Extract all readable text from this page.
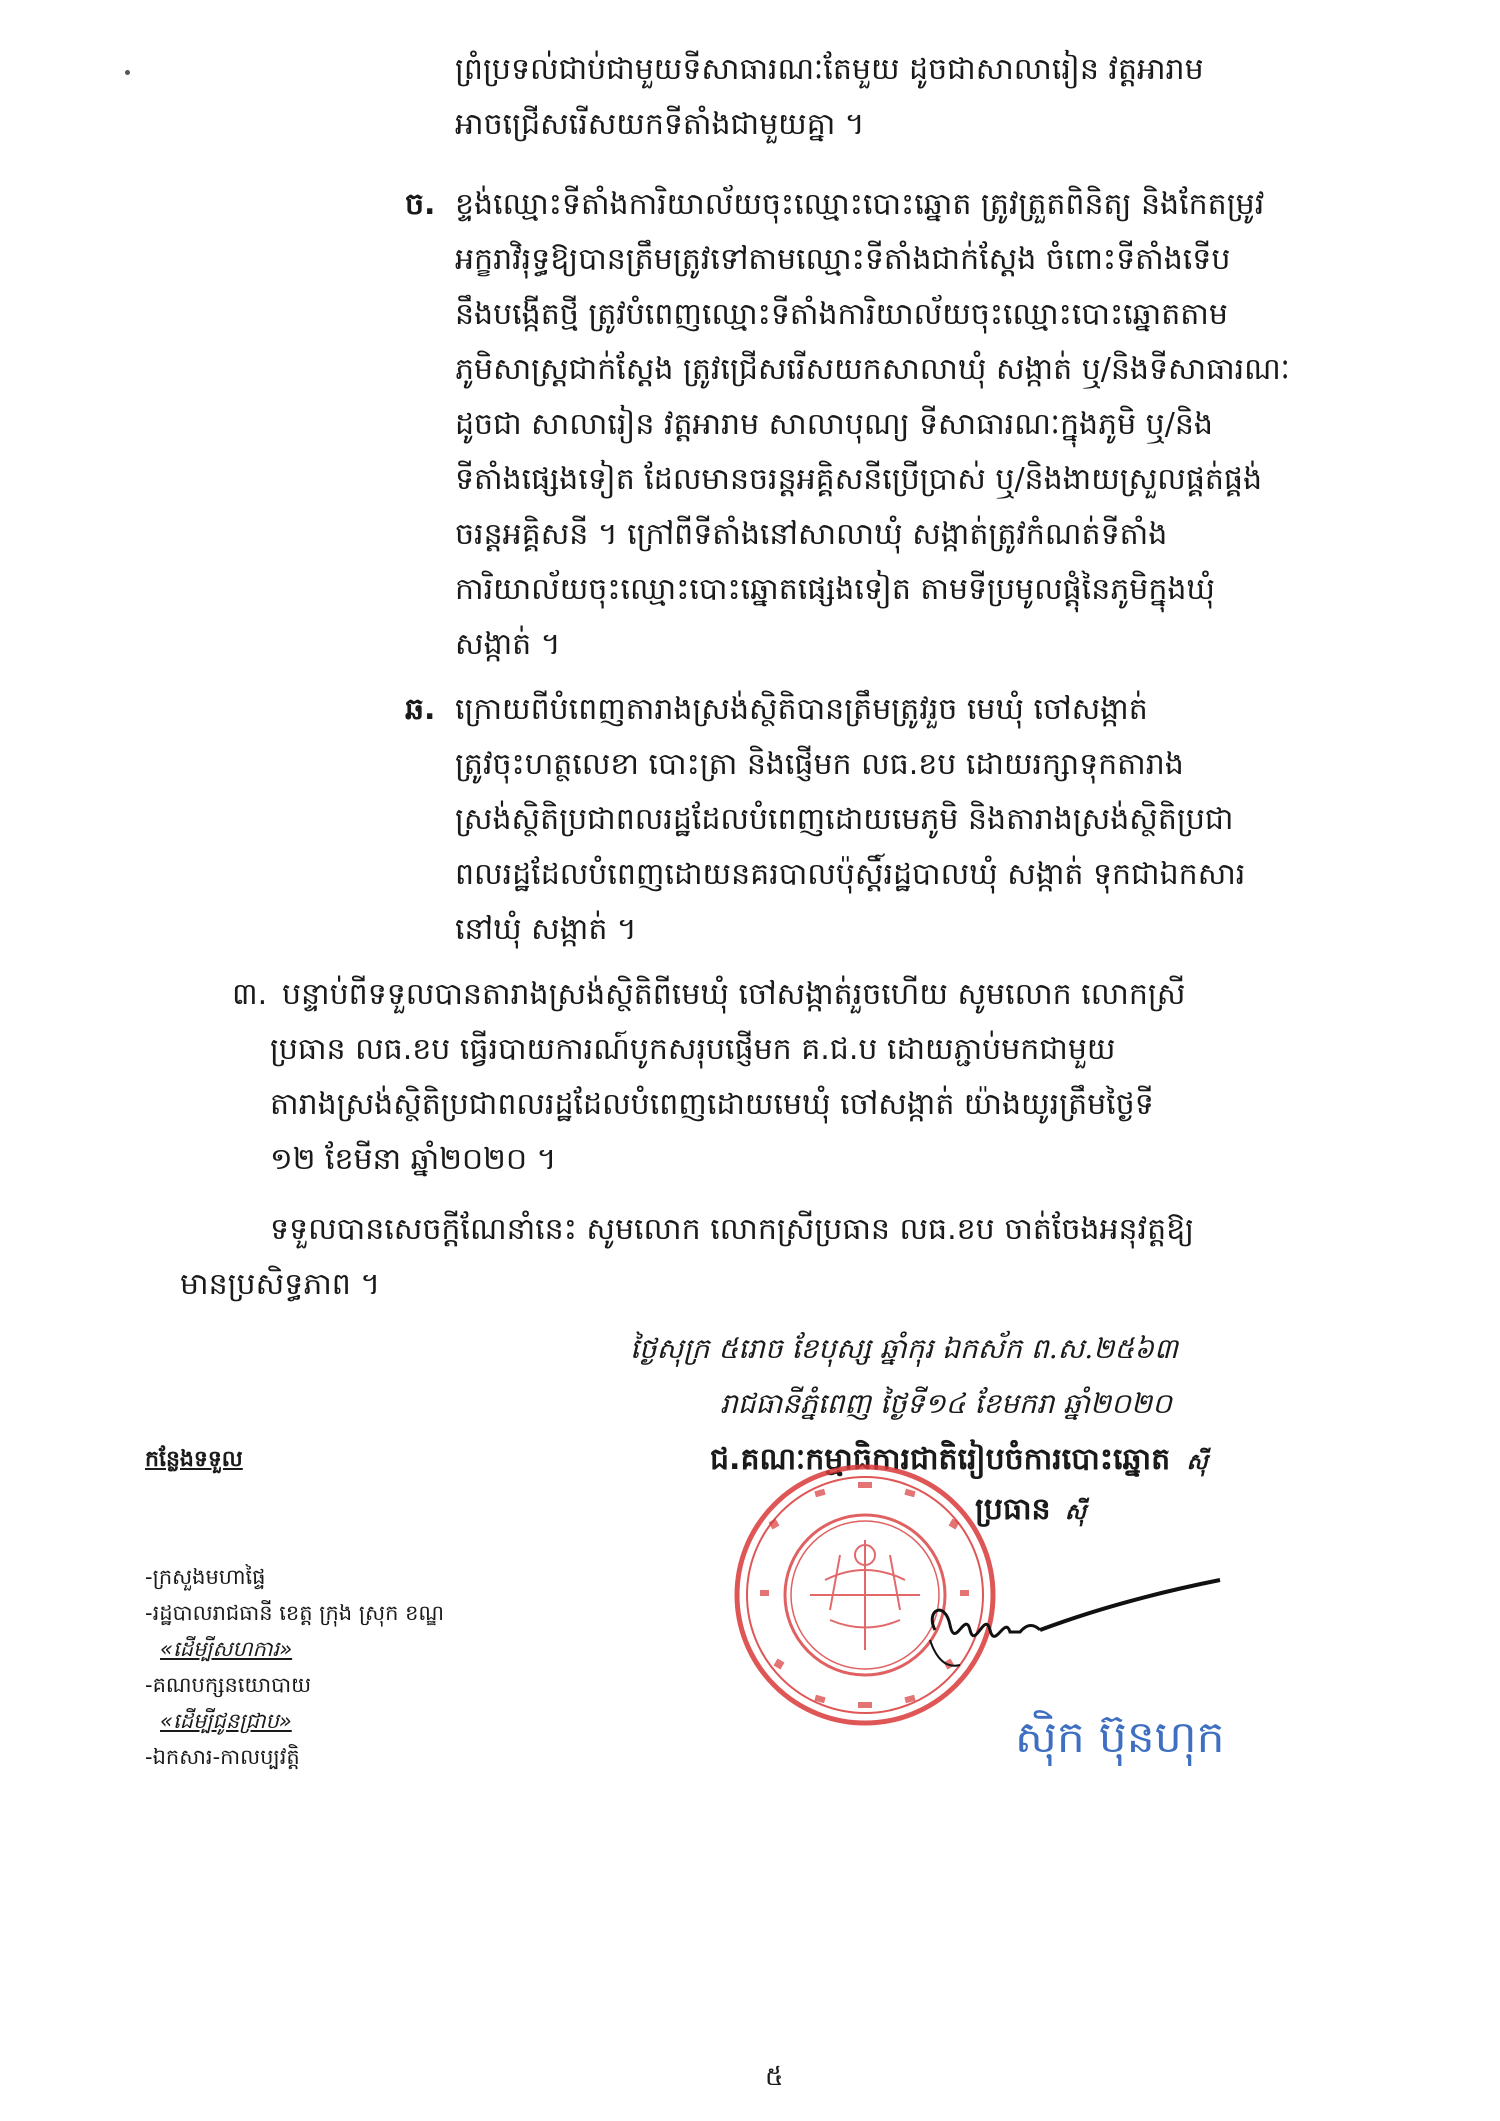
ព្រំប្រទល់ជាប់ជាមួយទីសាធារណៈតែមួយ ដូចជាសាលារៀន វត្តអារាម
អាចជ្រើសរើសយកទីតាំងជាមួយគ្នា ។
ច. ខ្ទង់ឈ្មោះទីតាំងការិយាល័យចុះឈ្មោះបោះឆ្នោត ត្រូវត្រួតពិនិត្យ និងកែតម្រូវ
អក្ខរាវិរុទ្ធឱ្យបានត្រឹមត្រូវទៅតាមឈ្មោះទីតាំងជាក់ស្ដែង ចំពោះទីតាំងទើប
នឹងបង្កើតថ្មី ត្រូវបំពេញឈ្មោះទីតាំងការិយាល័យចុះឈ្មោះបោះឆ្នោតតាម
ភូមិសាស្ត្រជាក់ស្ដែង ត្រូវជ្រើសរើសយកសាលាឃុំ សង្កាត់ ឬ/និងទីសាធារណៈ
ដូចជា សាលារៀន វត្តអារាម សាលាបុណ្យ ទីសាធារណៈក្នុងភូមិ ឬ/និង
ទីតាំងផ្សេងទៀត ដែលមានចរន្តអគ្គិសនីប្រើប្រាស់ ឬ/និងងាយស្រួលផ្គត់ផ្គង់
ចរន្តអគ្គិសនី ។ ក្រៅពីទីតាំងនៅសាលាឃុំ សង្កាត់ត្រូវកំណត់ទីតាំង
ការិយាល័យចុះឈ្មោះបោះឆ្នោតផ្សេងទៀត តាមទីប្រមូលផ្ដុំនៃភូមិក្នុងឃុំ
សង្កាត់ ។
ឆ. ក្រោយពីបំពេញតារាងស្រង់ស្ថិតិបានត្រឹមត្រូវរួច មេឃុំ ចៅសង្កាត់
ត្រូវចុះហត្ថលេខា បោះត្រា និងផ្ញើមក លធ.ខប ដោយរក្សាទុកតារាង
ស្រង់ស្ថិតិប្រជាពលរដ្ឋដែលបំពេញដោយមេភូមិ និងតារាងស្រង់ស្ថិតិប្រជា
ពលរដ្ឋដែលបំពេញដោយនគរបាលប៉ុស្តិ៍រដ្ឋបាលឃុំ សង្កាត់ ទុកជាឯកសារ
នៅឃុំ សង្កាត់ ។
៣. បន្ទាប់ពីទទួលបានតារាងស្រង់ស្ថិតិពីមេឃុំ ចៅសង្កាត់រួចហើយ សូមលោក លោកស្រី
ប្រធាន លធ.ខប ធ្វើរបាយការណ៍បូកសរុបផ្ញើមក គ.ជ.ប ដោយភ្ជាប់មកជាមួយ
តារាងស្រង់ស្ថិតិប្រជាពលរដ្ឋដែលបំពេញដោយមេឃុំ ចៅសង្កាត់ យ៉ាងយូរត្រឹមថ្ងៃទី
១២ ខែមីនា ឆ្នាំ២០២០ ។
ទទួលបានសេចក្ដីណែនាំនេះ សូមលោក លោកស្រីប្រធាន លធ.ខប ចាត់ចែងអនុវត្តឱ្យ
មានប្រសិទ្ធភាព ។
ថ្ងៃសុក្រ ៥រោច ខែបុស្ស ឆ្នាំកុរ ឯកស័ក ព.ស.២៥៦៣
រាជធានីភ្នំពេញ ថ្ងៃទី១៤ ខែមករា ឆ្នាំ២០២០
ជ.គណៈកម្មាធិការជាតិរៀបចំការបោះឆ្នោត ស៊ី
ប្រធាន ស៊ី
ស៊ិក ប៊ុនហុក
កន្លែងទទួល
-ក្រសួងមហាផ្ទៃ
-រដ្ឋបាលរាជធានី ខេត្ត ក្រុង ស្រុក ខណ្ឌ
«ដើម្បីសហការ»
-គណបក្សនយោបាយ
«ដើម្បីជូនជ្រាប»
-ឯកសារ-កាលប្បវត្តិ
៥
